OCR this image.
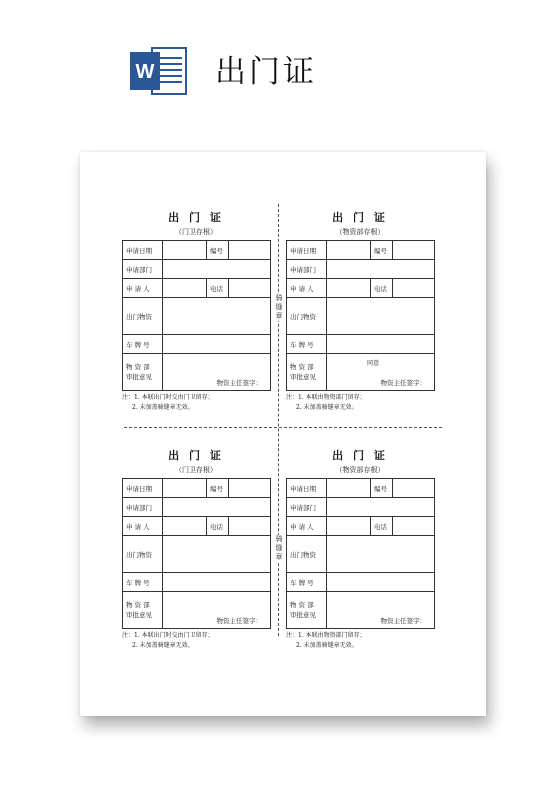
W 出门证
骑缝章
骑缝章
出 门 证
（门卫存根）
申请日期		编号	
申请部门			
申 请 人		电话	
出门物资			
车 牌 号			
物 资 部
审批意见	物资主任签字：		
注：1. 本联出门时交由门卫留存；
2. 未加盖骑缝章无效。
出 门 证
（物资部存根）
申请日期		编号	
申请部门			
申 请 人		电话	
出门物资			
车 牌 号			
物 资 部
审批意见	同意
物资主任签字：		
注：1. 本联由物资部门留存；
2. 未加盖骑缝章无效。
出 门 证
（门卫存根）
申请日期		编号	
申请部门			
申 请 人		电话	
出门物资			
车 牌 号			
物 资 部
审批意见	物资主任签字：		
注：1. 本联出门时交由门卫留存；
2. 未加盖骑缝章无效。
出 门 证
（物资部存根）
申请日期		编号	
申请部门			
申 请 人		电话	
出门物资			
车 牌 号			
物 资 部
审批意见	物资主任签字：		
注：1. 本联由物资部门留存；
2. 未加盖骑缝章无效。
